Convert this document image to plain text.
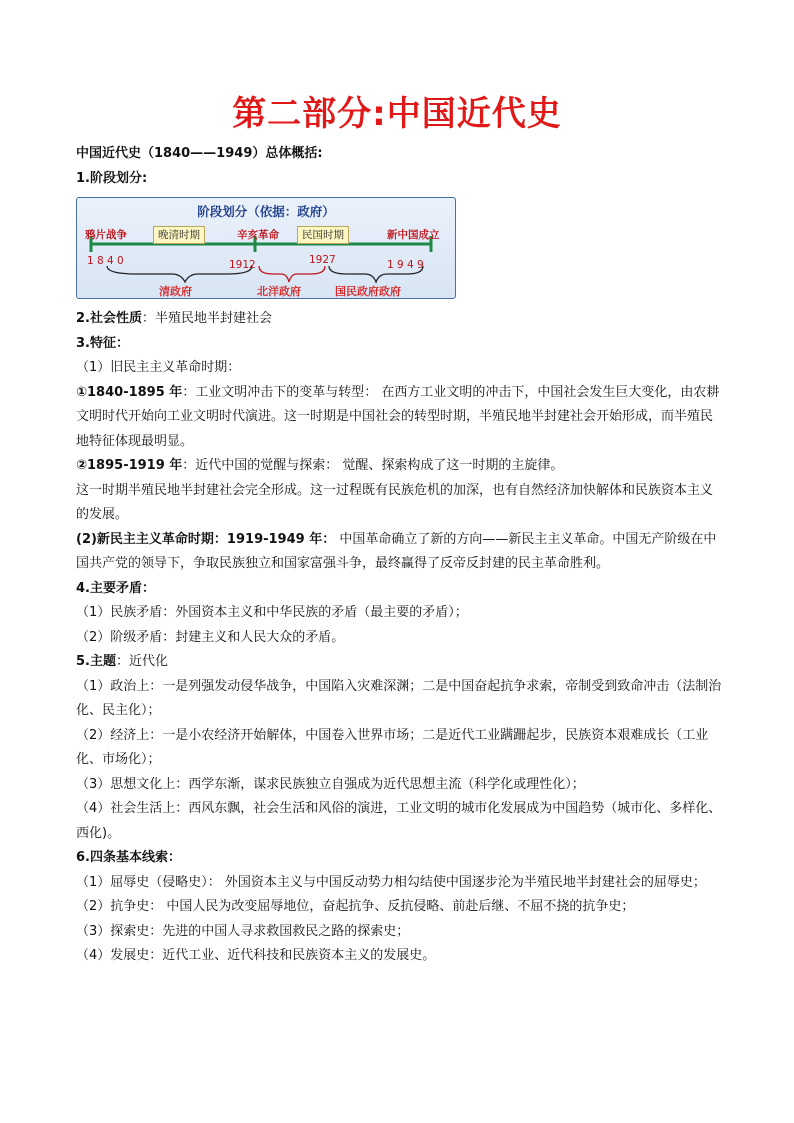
第二部分:中国近代史

中国近代史（1840——1949）总体概括:

1.阶段划分:

阶段划分（依据：政府）
鸦片战争	晚清时期	辛亥革命	民国时期	新中国成立
1 8 4 0	1912	1927	1 9 4 9
清政府	北洋政府	国民政府政府

2.社会性质：半殖民地半封建社会

3.特征：

（1）旧民主主义革命时期：

①1840-1895 年：工业文明冲击下的变革与转型： 在西方工业文明的冲击下，中国社会发生巨大变化，由农耕文明时代开始向工业文明时代演进。这一时期是中国社会的转型时期，半殖民地半封建社会开始形成，而半殖民地特征体现最明显。

②1895-1919 年：近代中国的觉醒与探索： 觉醒、探索构成了这一时期的主旋律。

这一时期半殖民地半封建社会完全形成。这一过程既有民族危机的加深，也有自然经济加快解体和民族资本主义的发展。

(2)新民主主义革命时期：1919-1949 年： 中国革命确立了新的方向——新民主主义革命。中国无产阶级在中国共产党的领导下，争取民族独立和国家富强斗争，最终赢得了反帝反封建的民主革命胜利。

4.主要矛盾：

（1）民族矛盾：外国资本主义和中华民族的矛盾（最主要的矛盾）；

（2）阶级矛盾：封建主义和人民大众的矛盾。

5.主题：近代化

（1）政治上：一是列强发动侵华战争，中国陷入灾难深渊；二是中国奋起抗争求索，帝制受到致命冲击（法制治化、民主化）；

（2）经济上：一是小农经济开始解体，中国卷入世界市场；二是近代工业蹒跚起步，民族资本艰难成长（工业化、市场化）；

（3）思想文化上：西学东渐，谋求民族独立自强成为近代思想主流（科学化或理性化）；

（4）社会生活上：西风东飘，社会生活和风俗的演进，工业文明的城市化发展成为中国趋势（城市化、多样化、西化)。

6.四条基本线索：

（1）屈辱史（侵略史）： 外国资本主义与中国反动势力相勾结使中国逐步沦为半殖民地半封建社会的屈辱史；

（2）抗争史： 中国人民为改变屈辱地位，奋起抗争、反抗侵略、前赴后继、不屈不挠的抗争史；

（3）探索史：先进的中国人寻求救国救民之路的探索史；

（4）发展史：近代工业、近代科技和民族资本主义的发展史。
